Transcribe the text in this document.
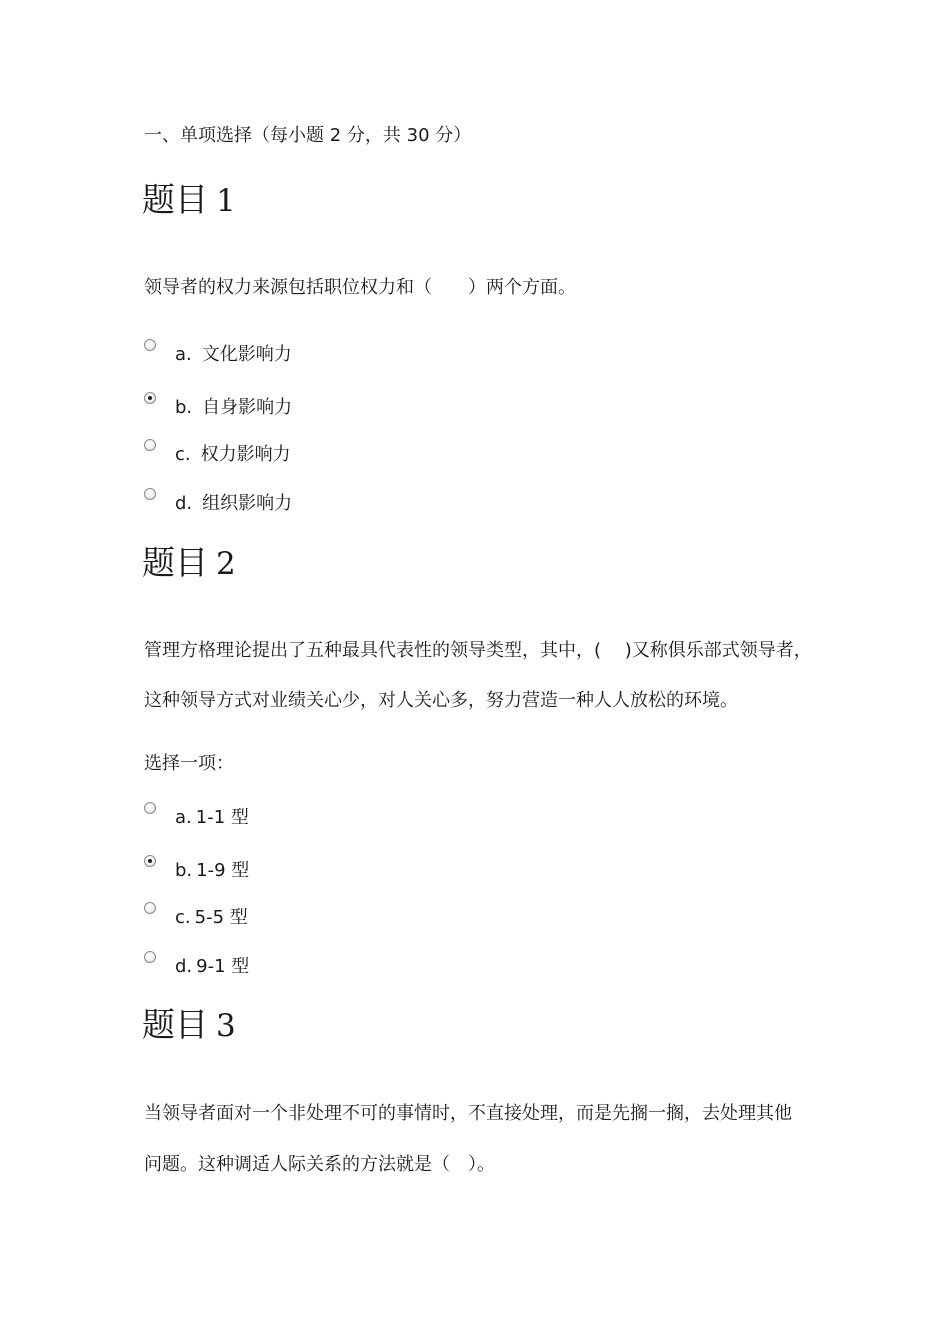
一、单项选择（每小题 2 分，共 30 分）
题目 1
领导者的权力来源包括职位权力和（　　）两个方面。
a. 文化影响力
b. 自身影响力
c. 权力影响力
d. 组织影响力
题目 2
管理方格理论提出了五种最具代表性的领导类型，其中，(　 )又称俱乐部式领导者，
这种领导方式对业绩关心少，对人关心多，努力营造一种人人放松的环境。
选择一项：
a. 1-1 型
b. 1-9 型
c. 5-5 型
d. 9-1 型
题目 3
当领导者面对一个非处理不可的事情时，不直接处理，而是先搁一搁，去处理其他
问题。这种调适人际关系的方法就是（　）。
